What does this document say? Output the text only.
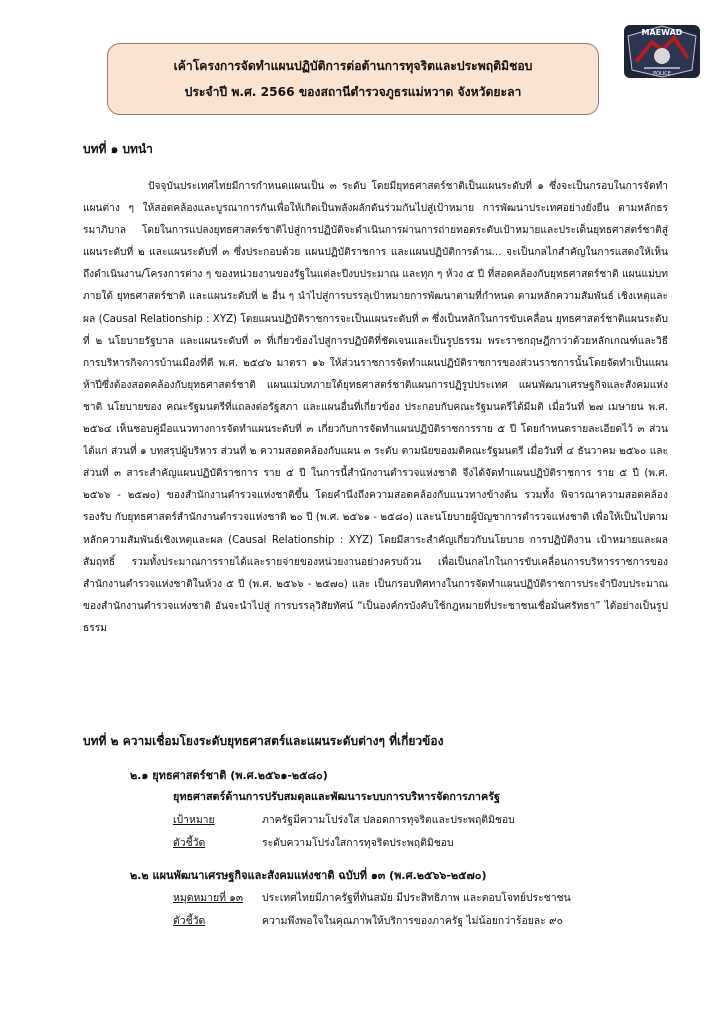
เค้าโครงการจัดทำแผนปฏิบัติการต่อต้านการทุจริตและประพฤติมิชอบ
ประจำปี พ.ศ. 2566 ของสถานีตำรวจภูธรแม่หวาด จังหวัดยะลา
MAEWAD
POLICE
บทที่ ๑ บทนำ

ปัจจุบันประเทศไทยมีการกำหนดแผนเป็น ๓ ระดับ โดยมียุทธศาสตร์ชาติเป็นแผนระดับที่ ๑ ซึ่งจะเป็นกรอบในการจัดทำแผนต่าง ๆ ให้สอดคล้องและบูรณาการกันเพื่อให้เกิดเป็นพลังผลักดันร่วมกันไปสู่เป้าหมาย การพัฒนาประเทศอย่างยั่งยืน ตามหลักธรรมาภิบาล โดยในการแปลงยุทธศาสตร์ชาติไปสู่การปฏิบัติจะดำเนินการผ่านการถ่ายทอดระดับเป้าหมายและประเด็นยุทธศาสตร์ชาติสู่แผนระดับที่ ๒ และแผนระดับที่ ๓ ซึ่งประกอบด้วย แผนปฏิบัติราชการ และแผนปฏิบัติการด้าน... จะเป็นกลไกสำคัญในการแสดงให้เห็นถึงดำเนินงาน/โครงการต่าง ๆ ของหน่วยงานของรัฐในแต่ละปีงบประมาณ และทุก ๆ ห้วง ๕ ปี ที่สอดคล้องกับยุทธศาสตร์ชาติ แผนแม่บทภายใต้ ยุทธศาสตร์ชาติ และแผนระดับที่ ๒ อื่น ๆ นำไปสู่การบรรลุเป้าหมายการพัฒนาตามที่กำหนด ตามหลักความสัมพันธ์ เชิงเหตุและผล (Causal Relationship : XYZ) โดยแผนปฏิบัติราชการจะเป็นแผนระดับที่ ๓ ซึ่งเป็นหลักในการขับเคลื่อน ยุทธศาสตร์ชาติแผนระดับที่ ๒ นโยบายรัฐบาล และแผนระดับที่ ๓ ที่เกี่ยวข้องไปสู่การปฏิบัติที่ชัดเจนและเป็นรูปธรรม พระราชกฤษฎีกาว่าด้วยหลักเกณฑ์และวิธีการบริหารกิจการบ้านเมืองที่ดี พ.ศ. ๒๕๔๖ มาตรา ๑๖ ให้ส่วนราชการจัดทำแผนปฏิบัติราชการของส่วนราชการนั้นโดยจัดทำเป็นแผนห้าปีซึ่งต้องสอดคล้องกับยุทธศาสตร์ชาติ แผนแม่บทภายใต้ยุทธศาสตร์ชาติแผนการปฏิรูปประเทศ แผนพัฒนาเศรษฐกิจและสังคมแห่งชาติ นโยบายของ คณะรัฐมนตรีที่แถลงต่อรัฐสภา และแผนอื่นที่เกี่ยวข้อง ประกอบกับคณะรัฐมนตรีได้มีมติ เมื่อวันที่ ๒๗ เมษายน พ.ศ. ๒๕๖๔ เห็นชอบคู่มือแนวทางการจัดทำแผนระดับที่ ๓ เกี่ยวกับการจัดทำแผนปฏิบัติราชการราย ๕ ปี โดยกำหนดรายละเอียดไว้ ๓ ส่วน ได้แก่ ส่วนที่ ๑ บทสรุปผู้บริหาร ส่วนที่ ๒ ความสอดคล้องกับแผน ๓ ระดับ ตามนัยของมติคณะรัฐมนตรี เมื่อวันที่ ๔ ธันวาคม ๒๕๖๐ และ ส่วนที่ ๓ สาระสำคัญแผนปฏิบัติราชการ ราย ๕ ปี ในการนี้สำนักงานตำรวจแห่งชาติ จึงได้จัดทำแผนปฏิบัติราชการ ราย ๕ ปี (พ.ศ. ๒๕๖๖ - ๒๕๗๐) ของสำนักงานตำรวจแห่งชาติขึ้น โดยคำนึงถึงความสอดคล้องกับแนวทางข้างต้น รวมทั้ง พิจารณาความสอดคล้องรองรับ กับยุทธศาสตร์สำนักงานตำรวจแห่งชาติ ๒๐ ปี (พ.ศ. ๒๕๖๑ - ๒๕๘๐) และนโยบายผู้บัญชาการตำรวจแห่งชาติ เพื่อให้เป็นไปตามหลักความสัมพันธ์เชิงเหตุและผล (Causal Relationship : XYZ) โดยมีสาระสำคัญเกี่ยวกับนโยบาย การปฏิบัติงาน เป้าหมายและผลสัมฤทธิ์ รวมทั้งประมาณการรายได้และรายจ่ายของหน่วยงานอย่างครบถ้วน เพื่อเป็นกลไกในการขับเคลื่อนการบริหารราชการของสำนักงานตำรวจแห่งชาติในห้วง ๕ ปี (พ.ศ. ๒๕๖๖ - ๒๕๗๐) และ เป็นกรอบทิศทางในการจัดทำแผนปฏิบัติราชการประจำปีงบประมาณของสำนักงานตำรวจแห่งชาติ อันจะนำไปสู่ การบรรลุวิสัยทัศน์ “เป็นองค์กรบังคับใช้กฎหมายที่ประชาชนเชื่อมั่นศรัทธา” ได้อย่างเป็นรูปธรรม

บทที่ ๒ ความเชื่อมโยงระดับยุทธศาสตร์และแผนระดับต่างๆ ที่เกี่ยวข้อง
๒.๑ ยุทธศาสตร์ชาติ (พ.ศ.๒๕๖๑-๒๕๘๐)
ยุทธศาสตร์ด้านการปรับสมดุลและพัฒนาระบบการบริหารจัดการภาครัฐ
เป้าหมาย	ภาครัฐมีความโปร่งใส ปลอดการทุจริตและประพฤติมิชอบ
ตัวชี้วัด	ระดับความโปร่งใสการทุจริตประพฤติมิชอบ
๒.๒ แผนพัฒนาเศรษฐกิจและสังคมแห่งชาติ ฉบับที่ ๑๓ (พ.ศ.๒๕๖๖-๒๕๗๐)
หมุดหมายที่ ๑๓ ประเทศไทยมีภาครัฐที่ทันสมัย มีประสิทธิภาพ และตอบโจทย์ประชาชน
ตัวชี้วัด	ความพึงพอใจในคุณภาพให้บริการของภาครัฐ ไม่น้อยกว่าร้อยละ ๙๐
